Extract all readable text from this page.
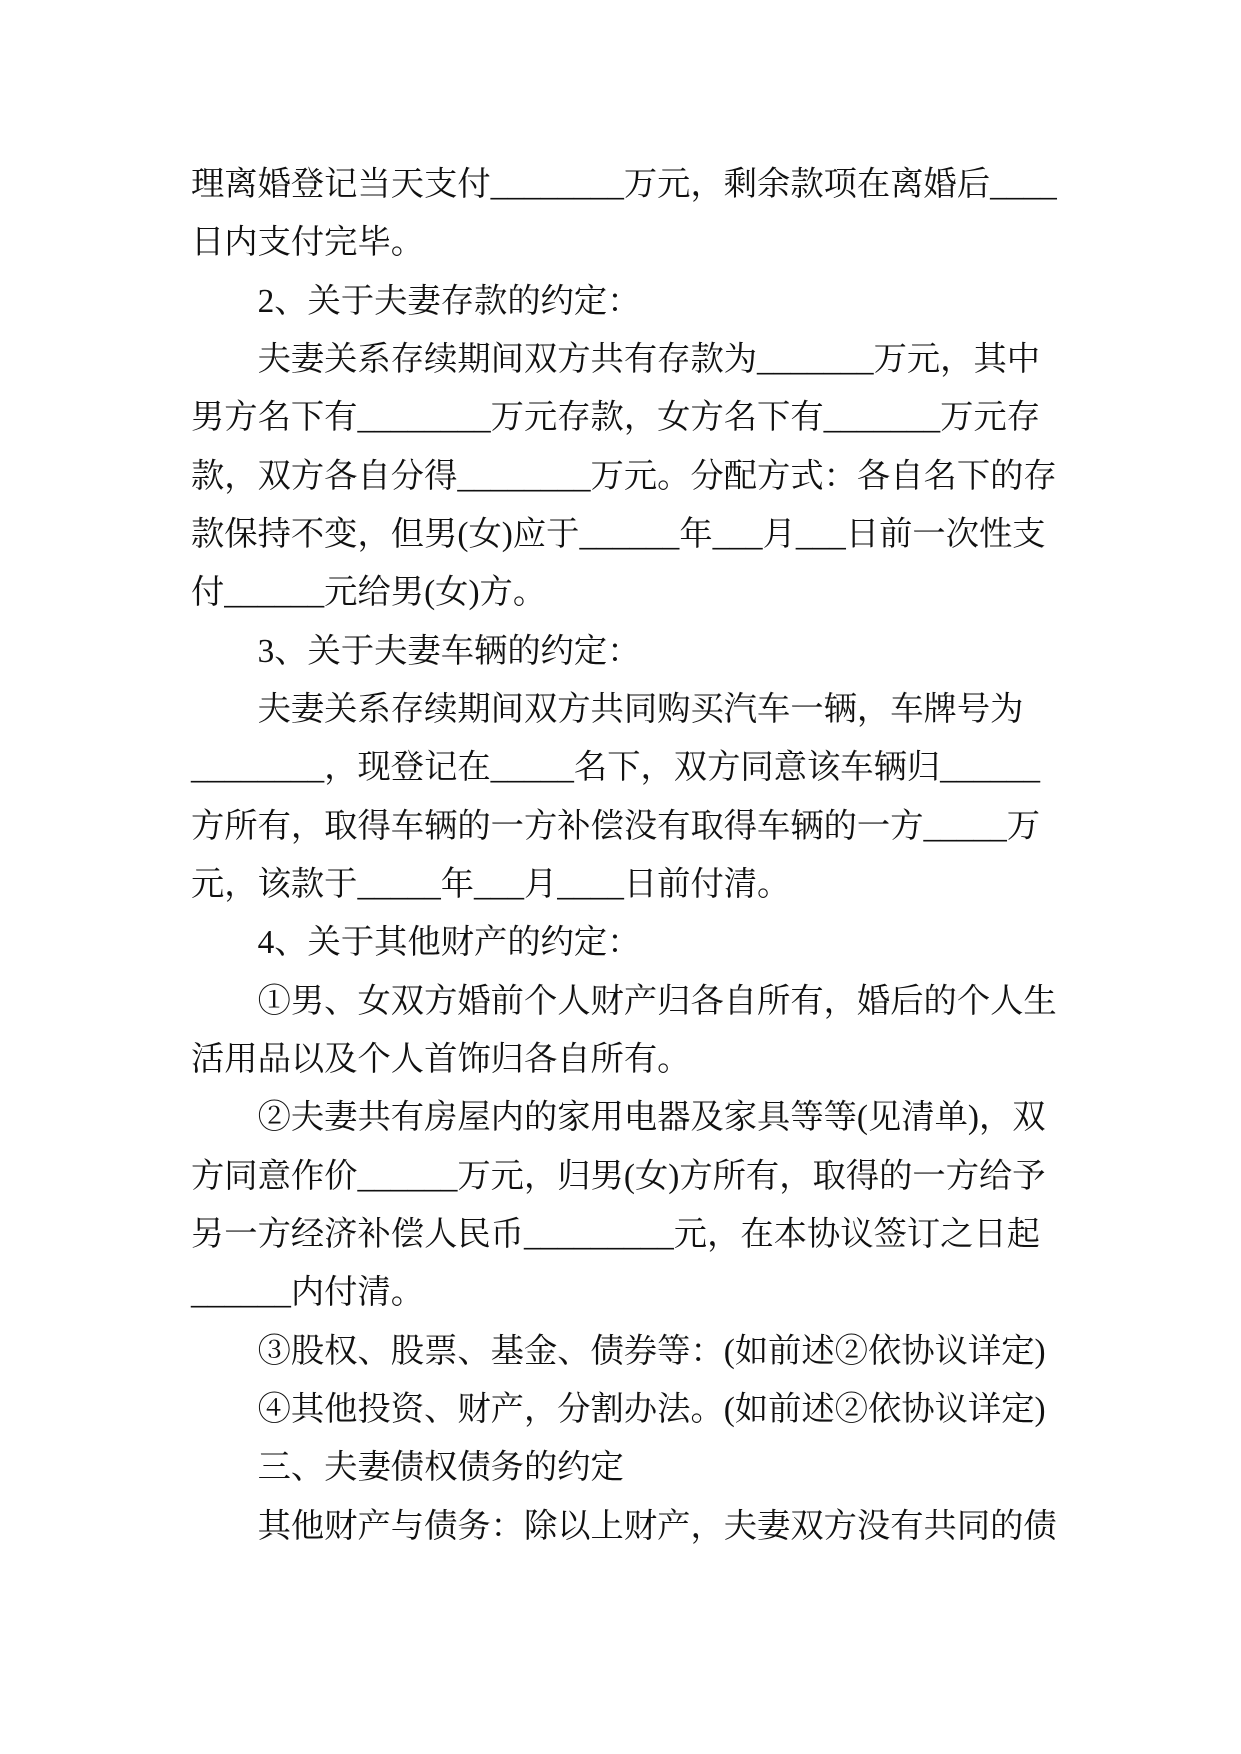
理离婚登记当天支付________万元，剩余款项在离婚后____
日内支付完毕。
2、关于夫妻存款的约定：
夫妻关系存续期间双方共有存款为_______万元，其中
男方名下有________万元存款，女方名下有_______万元存
款，双方各自分得________万元。分配方式：各自名下的存
款保持不变，但男(女)应于______年___月___日前一次性支
付______元给男(女)方。
3、关于夫妻车辆的约定：
夫妻关系存续期间双方共同购买汽车一辆，车牌号为
________，现登记在_____名下，双方同意该车辆归______
方所有，取得车辆的一方补偿没有取得车辆的一方_____万
元，该款于_____年___月____日前付清。
4、关于其他财产的约定：
①男、女双方婚前个人财产归各自所有，婚后的个人生
活用品以及个人首饰归各自所有。
②夫妻共有房屋内的家用电器及家具等等(见清单)，双
方同意作价______万元，归男(女)方所有，取得的一方给予
另一方经济补偿人民币_________元，在本协议签订之日起
______内付清。
③股权、股票、基金、债券等：(如前述②依协议详定)
④其他投资、财产，分割办法。(如前述②依协议详定)
三、夫妻债权债务的约定
其他财产与债务：除以上财产，夫妻双方没有共同的债
